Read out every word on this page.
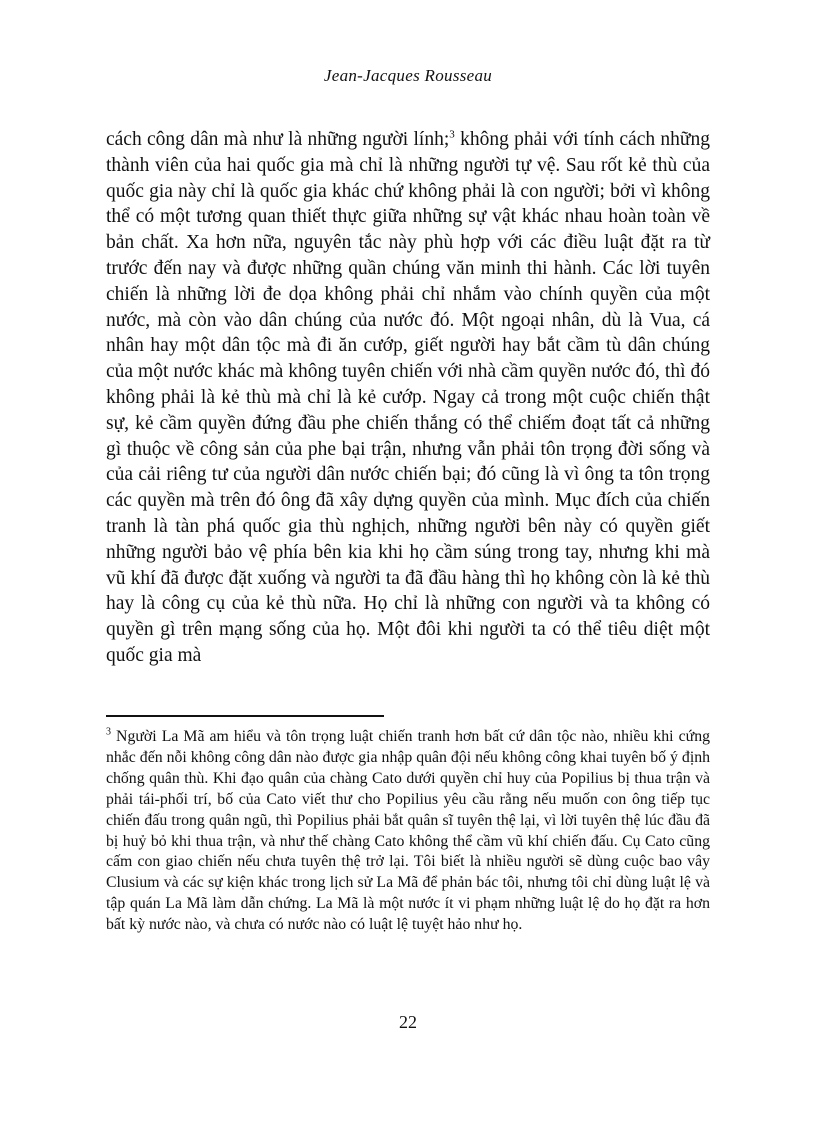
Jean-Jacques Rousseau

cách công dân mà như là những người lính;$^3$ không phải với tính cách những thành viên của hai quốc gia mà chỉ là những người tự vệ. Sau rốt kẻ thù của quốc gia này chỉ là quốc gia khác chứ không phải là con người; bởi vì không thể có một tương quan thiết thực giữa những sự vật khác nhau hoàn toàn về bản chất. Xa hơn nữa, nguyên tắc này phù hợp với các điều luật đặt ra từ trước đến nay và được những quần chúng văn minh thi hành. Các lời tuyên chiến là những lời đe dọa không phải chỉ nhắm vào chính quyền của một nước, mà còn vào dân chúng của nước đó. Một ngoại nhân, dù là Vua, cá nhân hay một dân tộc mà đi ăn cướp, giết người hay bắt cầm tù dân chúng của một nước khác mà không tuyên chiến với nhà cầm quyền nước đó, thì đó không phải là kẻ thù mà chỉ là kẻ cướp. Ngay cả trong một cuộc chiến thật sự, kẻ cầm quyền đứng đầu phe chiến thắng có thể chiếm đoạt tất cả những gì thuộc về công sản của phe bại trận, nhưng vẫn phải tôn trọng đời sống và của cải riêng tư của người dân nước chiến bại; đó cũng là vì ông ta tôn trọng các quyền mà trên đó ông đã xây dựng quyền của mình. Mục đích của chiến tranh là tàn phá quốc gia thù nghịch, những người bên này có quyền giết những người bảo vệ phía bên kia khi họ cầm súng trong tay, nhưng khi mà vũ khí đã được đặt xuống và người ta đã đầu hàng thì họ không còn là kẻ thù hay là công cụ của kẻ thù nữa. Họ chỉ là những con người và ta không có quyền gì trên mạng sống của họ. Một đôi khi người ta có thể tiêu diệt một quốc gia mà

$^3$ Người La Mã am hiểu và tôn trọng luật chiến tranh hơn bất cứ dân tộc nào, nhiều khi cứng nhắc đến nỗi không công dân nào được gia nhập quân đội nếu không công khai tuyên bố ý định chống quân thù. Khi đạo quân của chàng Cato dưới quyền chỉ huy của Popilius bị thua trận và phải tái-phối trí, bố của Cato viết thư cho Popilius yêu cầu rằng nếu muốn con ông tiếp tục chiến đấu trong quân ngũ, thì Popilius phải bắt quân sĩ tuyên thệ lại, vì lời tuyên thệ lúc đầu đã bị huỷ bỏ khi thua trận, và như thế chàng Cato không thể cầm vũ khí chiến đấu. Cụ Cato cũng cấm con giao chiến nếu chưa tuyên thệ trở lại. Tôi biết là nhiều người sẽ dùng cuộc bao vây Clusium và các sự kiện khác trong lịch sử La Mã để phản bác tôi, nhưng tôi chỉ dùng luật lệ và tập quán La Mã làm dẫn chứng. La Mã là một nước ít vi phạm những luật lệ do họ đặt ra hơn bất kỳ nước nào, và chưa có nước nào có luật lệ tuyệt hảo như họ.

22
